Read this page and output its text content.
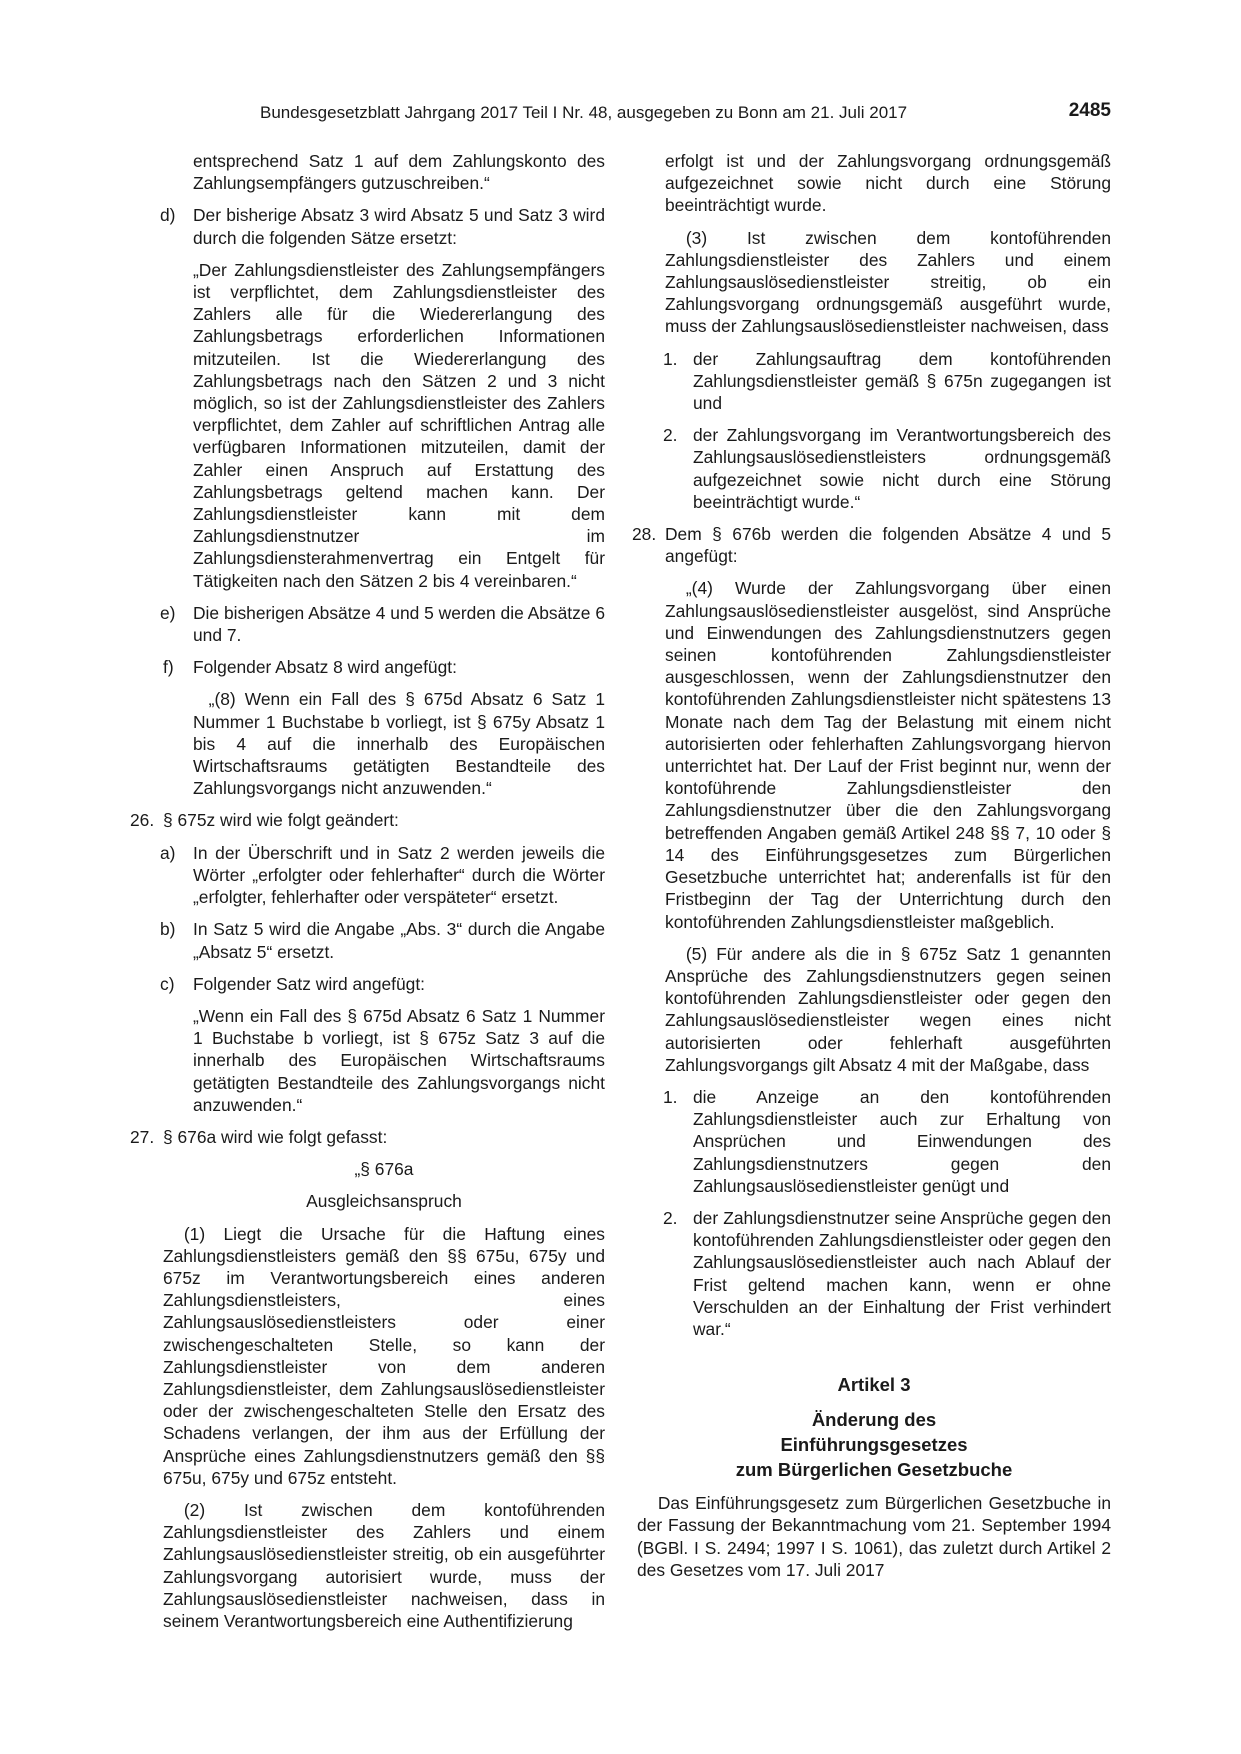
Bundesgesetzblatt Jahrgang 2017 Teil I Nr. 48, ausgegeben zu Bonn am 21. Juli 2017	2485

entsprechend Satz 1 auf dem Zahlungskonto des Zahlungsempfängers gutzuschreiben.“

d) Der bisherige Absatz 3 wird Absatz 5 und Satz 3 wird durch die folgenden Sätze ersetzt:

„Der Zahlungsdienstleister des Zahlungsempfängers ist verpflichtet, dem Zahlungsdienstleister des Zahlers alle für die Wiedererlangung des Zahlungsbetrags erforderlichen Informationen mitzuteilen. Ist die Wiedererlangung des Zahlungsbetrags nach den Sätzen 2 und 3 nicht möglich, so ist der Zahlungsdienstleister des Zahlers verpflichtet, dem Zahler auf schriftlichen Antrag alle verfügbaren Informationen mitzuteilen, damit der Zahler einen Anspruch auf Erstattung des Zahlungsbetrags geltend machen kann. Der Zahlungsdienstleister kann mit dem Zahlungsdienstnutzer im Zahlungsdiensterahmenvertrag ein Entgelt für Tätigkeiten nach den Sätzen 2 bis 4 vereinbaren.“

e) Die bisherigen Absätze 4 und 5 werden die Absätze 6 und 7.
f) Folgender Absatz 8 wird angefügt:

„(8) Wenn ein Fall des § 675d Absatz 6 Satz 1 Nummer 1 Buchstabe b vorliegt, ist § 675y Absatz 1 bis 4 auf die innerhalb des Europäischen Wirtschaftsraums getätigten Bestandteile des Zahlungsvorgangs nicht anzuwenden.“

26. § 675z wird wie folgt geändert:
a) In der Überschrift und in Satz 2 werden jeweils die Wörter „erfolgter oder fehlerhafter“ durch die Wörter „erfolgter, fehlerhafter oder verspäteter“ ersetzt.
b) In Satz 5 wird die Angabe „Abs. 3“ durch die Angabe „Absatz 5“ ersetzt.
c) Folgender Satz wird angefügt:

„Wenn ein Fall des § 675d Absatz 6 Satz 1 Nummer 1 Buchstabe b vorliegt, ist § 675z Satz 3 auf die innerhalb des Europäischen Wirtschaftsraums getätigten Bestandteile des Zahlungsvorgangs nicht anzuwenden.“

27. § 676a wird wie folgt gefasst:

„§ 676a

Ausgleichsanspruch

(1) Liegt die Ursache für die Haftung eines Zahlungsdienstleisters gemäß den §§ 675u, 675y und 675z im Verantwortungsbereich eines anderen Zahlungsdienstleisters, eines Zahlungsauslösedienstleisters oder einer zwischengeschalteten Stelle, so kann der Zahlungsdienstleister von dem anderen Zahlungsdienstleister, dem Zahlungsauslösedienstleister oder der zwischengeschalteten Stelle den Ersatz des Schadens verlangen, der ihm aus der Erfüllung der Ansprüche eines Zahlungsdienstnutzers gemäß den §§ 675u, 675y und 675z entsteht.

(2) Ist zwischen dem kontoführenden Zahlungsdienstleister des Zahlers und einem Zahlungsauslösedienstleister streitig, ob ein ausgeführter Zahlungsvorgang autorisiert wurde, muss der Zahlungsauslösedienstleister nachweisen, dass in seinem Verantwortungsbereich eine Authentifizierung

erfolgt ist und der Zahlungsvorgang ordnungsgemäß aufgezeichnet sowie nicht durch eine Störung beeinträchtigt wurde.

(3) Ist zwischen dem kontoführenden Zahlungsdienstleister des Zahlers und einem Zahlungsauslösedienstleister streitig, ob ein Zahlungsvorgang ordnungsgemäß ausgeführt wurde, muss der Zahlungsauslösedienstleister nachweisen, dass

1. der Zahlungsauftrag dem kontoführenden Zahlungsdienstleister gemäß § 675n zugegangen ist und
2. der Zahlungsvorgang im Verantwortungsbereich des Zahlungsauslösedienstleisters ordnungsgemäß aufgezeichnet sowie nicht durch eine Störung beeinträchtigt wurde.“
28. Dem § 676b werden die folgenden Absätze 4 und 5 angefügt:

„(4) Wurde der Zahlungsvorgang über einen Zahlungsauslösedienstleister ausgelöst, sind Ansprüche und Einwendungen des Zahlungsdienstnutzers gegen seinen kontoführenden Zahlungsdienstleister ausgeschlossen, wenn der Zahlungsdienstnutzer den kontoführenden Zahlungsdienstleister nicht spätestens 13 Monate nach dem Tag der Belastung mit einem nicht autorisierten oder fehlerhaften Zahlungsvorgang hiervon unterrichtet hat. Der Lauf der Frist beginnt nur, wenn der kontoführende Zahlungsdienstleister den Zahlungsdienstnutzer über die den Zahlungsvorgang betreffenden Angaben gemäß Artikel 248 §§ 7, 10 oder § 14 des Einführungsgesetzes zum Bürgerlichen Gesetzbuche unterrichtet hat; anderenfalls ist für den Fristbeginn der Tag der Unterrichtung durch den kontoführenden Zahlungsdienstleister maßgeblich.

(5) Für andere als die in § 675z Satz 1 genannten Ansprüche des Zahlungsdienstnutzers gegen seinen kontoführenden Zahlungsdienstleister oder gegen den Zahlungsauslösedienstleister wegen eines nicht autorisierten oder fehlerhaft ausgeführten Zahlungsvorgangs gilt Absatz 4 mit der Maßgabe, dass

1. die Anzeige an den kontoführenden Zahlungsdienstleister auch zur Erhaltung von Ansprüchen und Einwendungen des Zahlungsdienstnutzers gegen den Zahlungsauslösedienstleister genügt und
2. der Zahlungsdienstnutzer seine Ansprüche gegen den kontoführenden Zahlungsdienstleister oder gegen den Zahlungsauslösedienstleister auch nach Ablauf der Frist geltend machen kann, wenn er ohne Verschulden an der Einhaltung der Frist verhindert war.“
Artikel 3
Änderung des
Einführungsgesetzes
zum Bürgerlichen Gesetzbuche

Das Einführungsgesetz zum Bürgerlichen Gesetzbuche in der Fassung der Bekanntmachung vom 21. September 1994 (BGBl. I S. 2494; 1997 I S. 1061), das zuletzt durch Artikel 2 des Gesetzes vom 17. Juli 2017
